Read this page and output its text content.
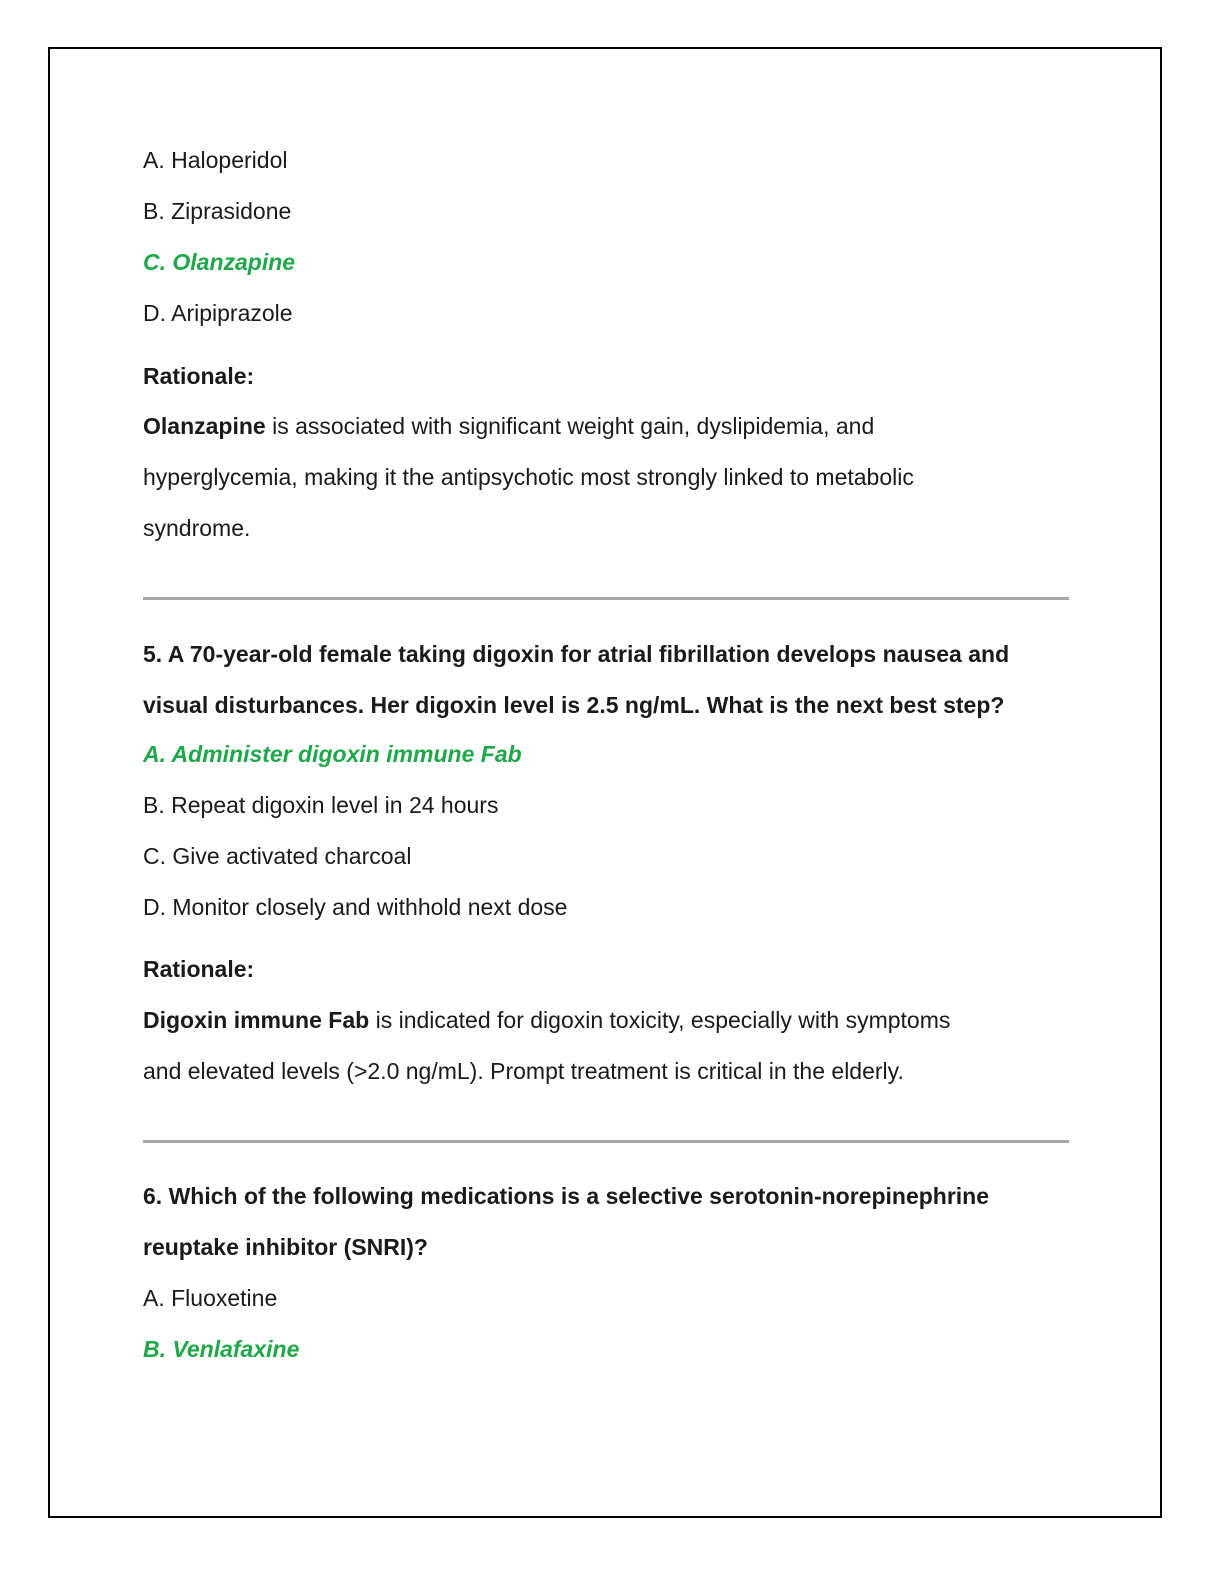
A. Haloperidol
B. Ziprasidone
C. Olanzapine
D. Aripiprazole
Rationale:
Olanzapine is associated with significant weight gain, dyslipidemia, and
hyperglycemia, making it the antipsychotic most strongly linked to metabolic
syndrome.
5. A 70-year-old female taking digoxin for atrial fibrillation develops nausea and
visual disturbances. Her digoxin level is 2.5 ng/mL. What is the next best step?
A. Administer digoxin immune Fab
B. Repeat digoxin level in 24 hours
C. Give activated charcoal
D. Monitor closely and withhold next dose
Rationale:
Digoxin immune Fab is indicated for digoxin toxicity, especially with symptoms
and elevated levels (>2.0 ng/mL). Prompt treatment is critical in the elderly.
6. Which of the following medications is a selective serotonin-norepinephrine
reuptake inhibitor (SNRI)?
A. Fluoxetine
B. Venlafaxine
